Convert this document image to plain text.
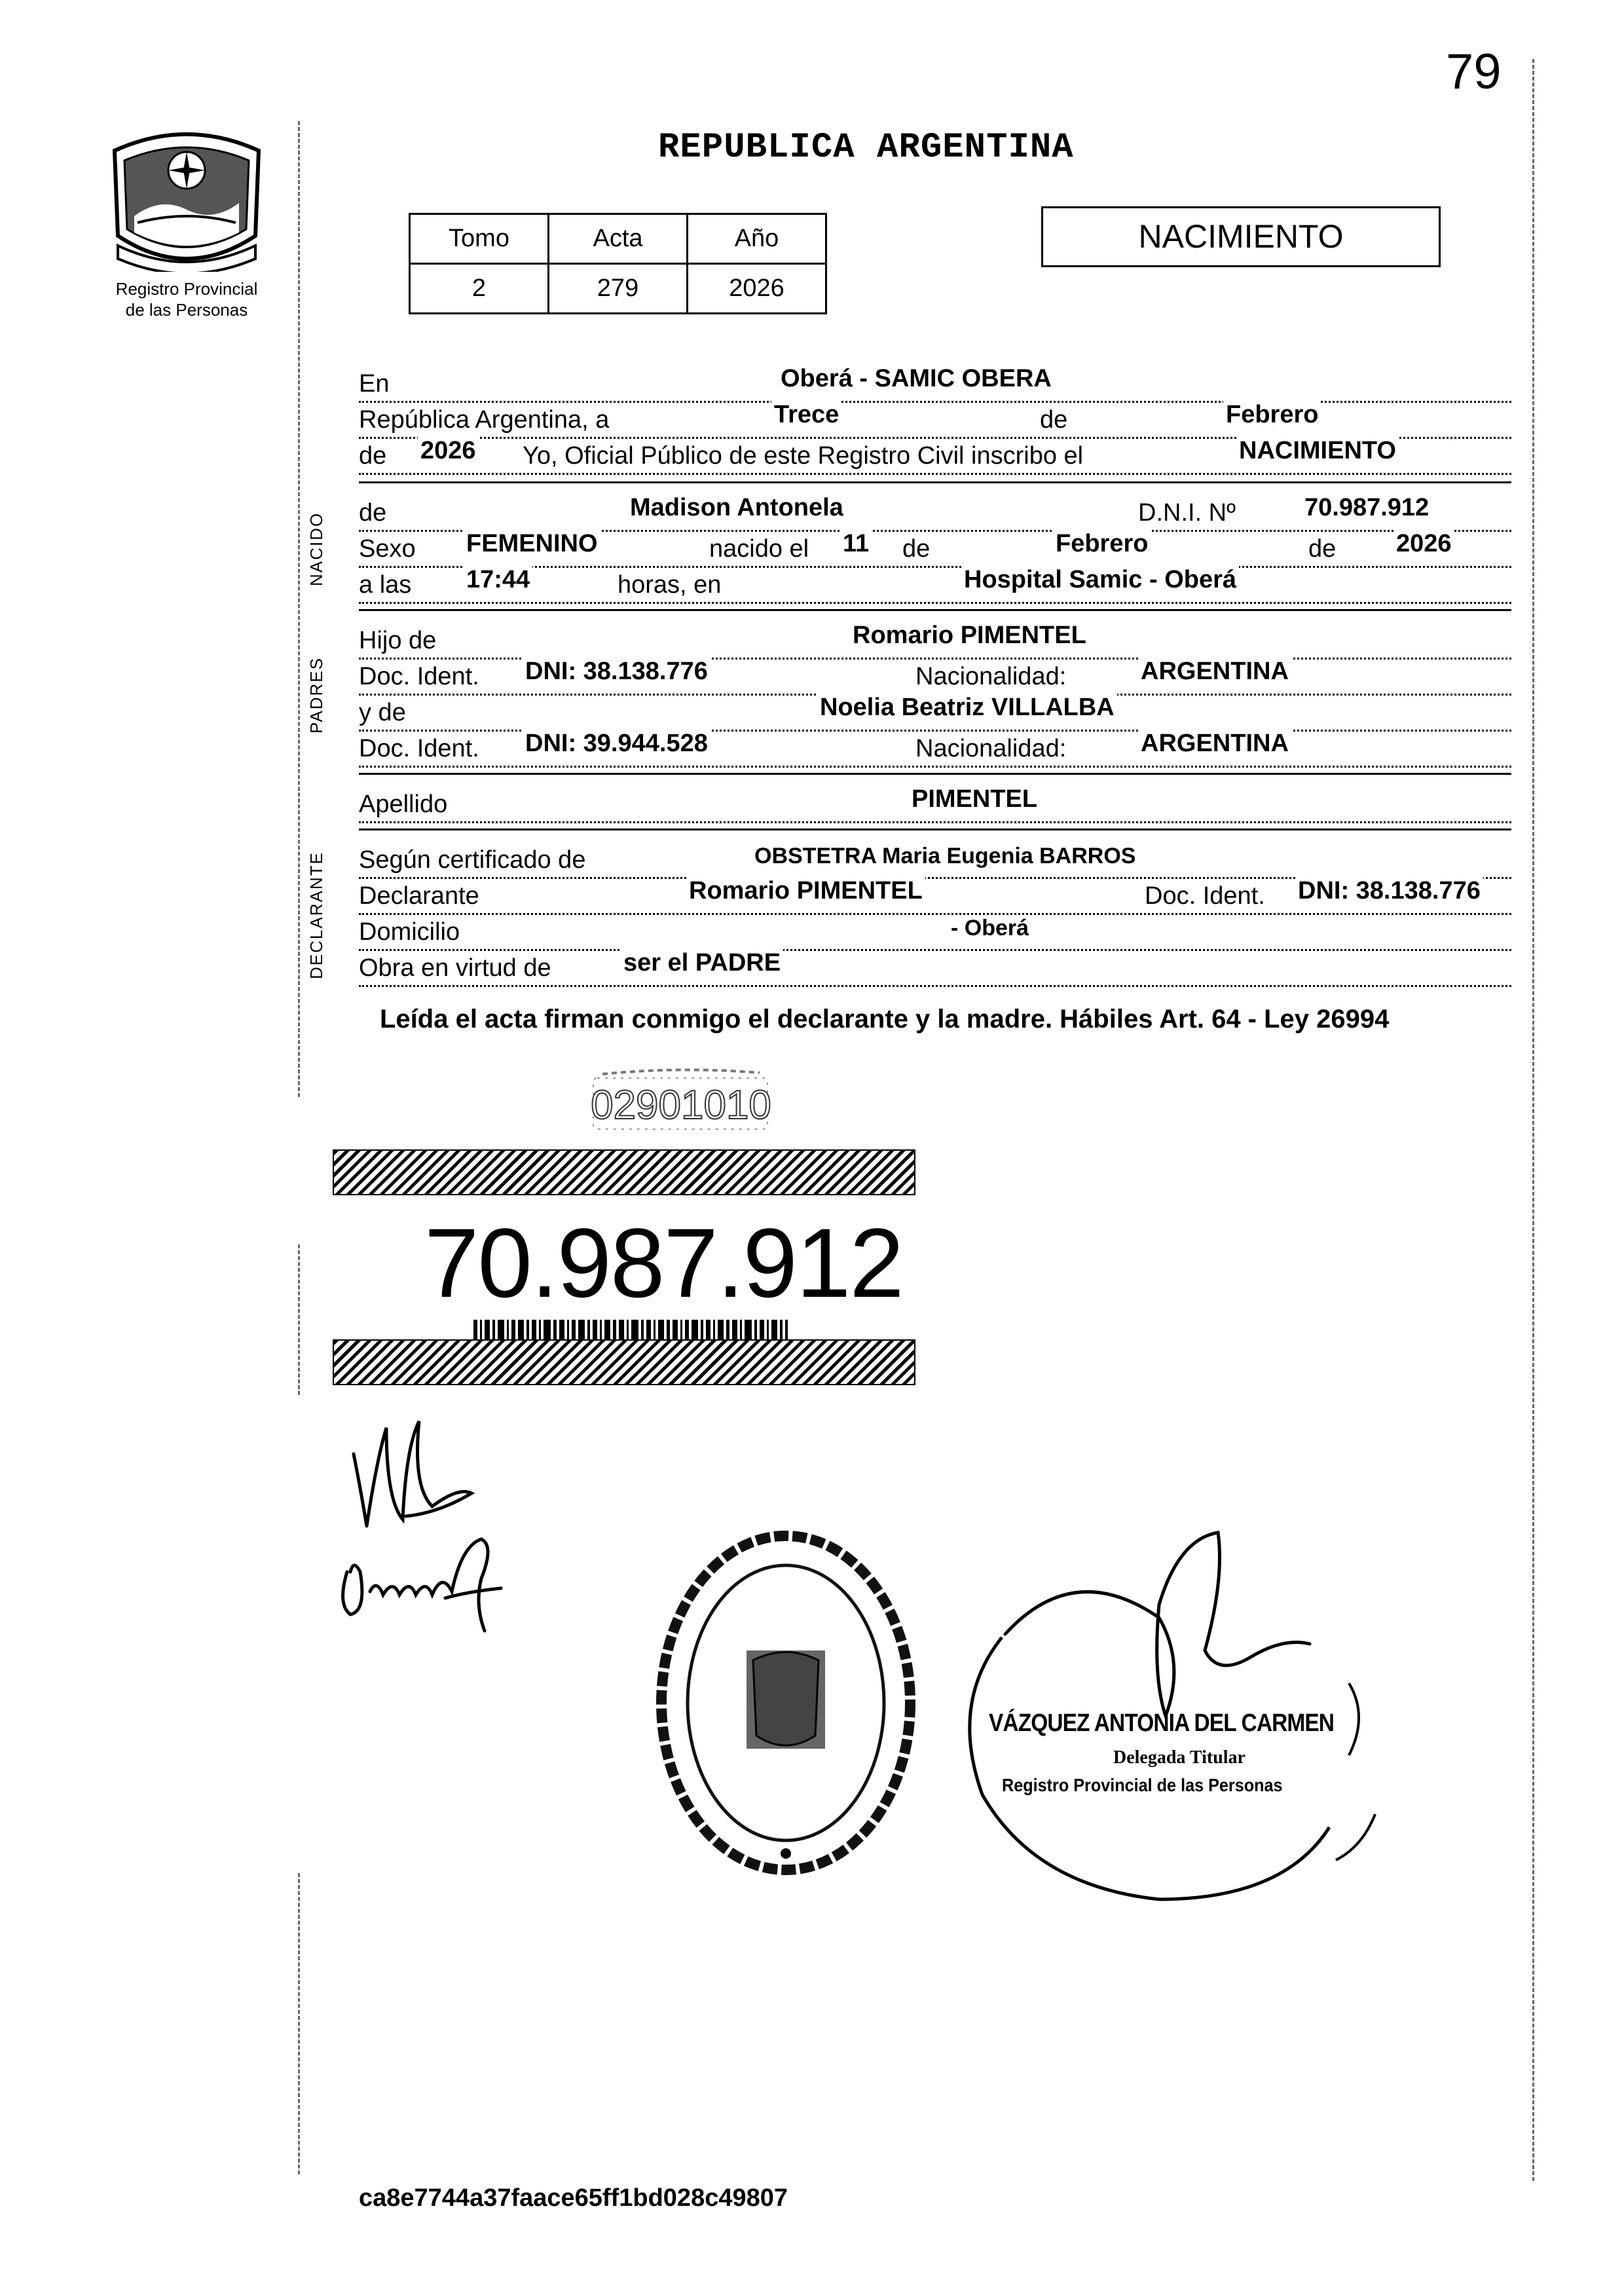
79
Registro Provincial
de las Personas
REPUBLICA ARGENTINA
Tomo	Acta	Año
2	279	2026
NACIMIENTO
En	Oberá - SAMIC OBERA
República Argentina, a	Trece	de	Febrero
de 2026 Yo, Oficial Público de este Registro Civil inscribo el	NACIMIENTO
de	Madison Antonela	D.N.I. Nº	70.987.912
Sexo FEMENINO	nacido el 11 de	Febrero	de 2026
a las 17:44	horas, en	Hospital Samic - Oberá
Hijo de	Romario PIMENTEL
Doc. Ident. DNI: 38.138.776	Nacionalidad:	ARGENTINA
y de	Noelia Beatriz VILLALBA
Doc. Ident. DNI: 39.944.528	Nacionalidad:	ARGENTINA
Apellido	PIMENTEL
Según certificado de	OBSTETRA Maria Eugenia BARROS
Declarante	Romario PIMENTEL	Doc. Ident. DNI: 38.138.776
Domicilio	- Oberá
Obra en virtud de	ser el PADRE
NACIDO
PADRES
DECLARANTE
Leída el acta firman conmigo el declarante y la madre. Hábiles Art. 64 - Ley 26994
02901010
70.987.912
VÁZQUEZ ANTONIA DEL CARMEN
Delegada Titular
Registro Provincial de las Personas
ca8e7744a37faace65ff1bd028c49807
